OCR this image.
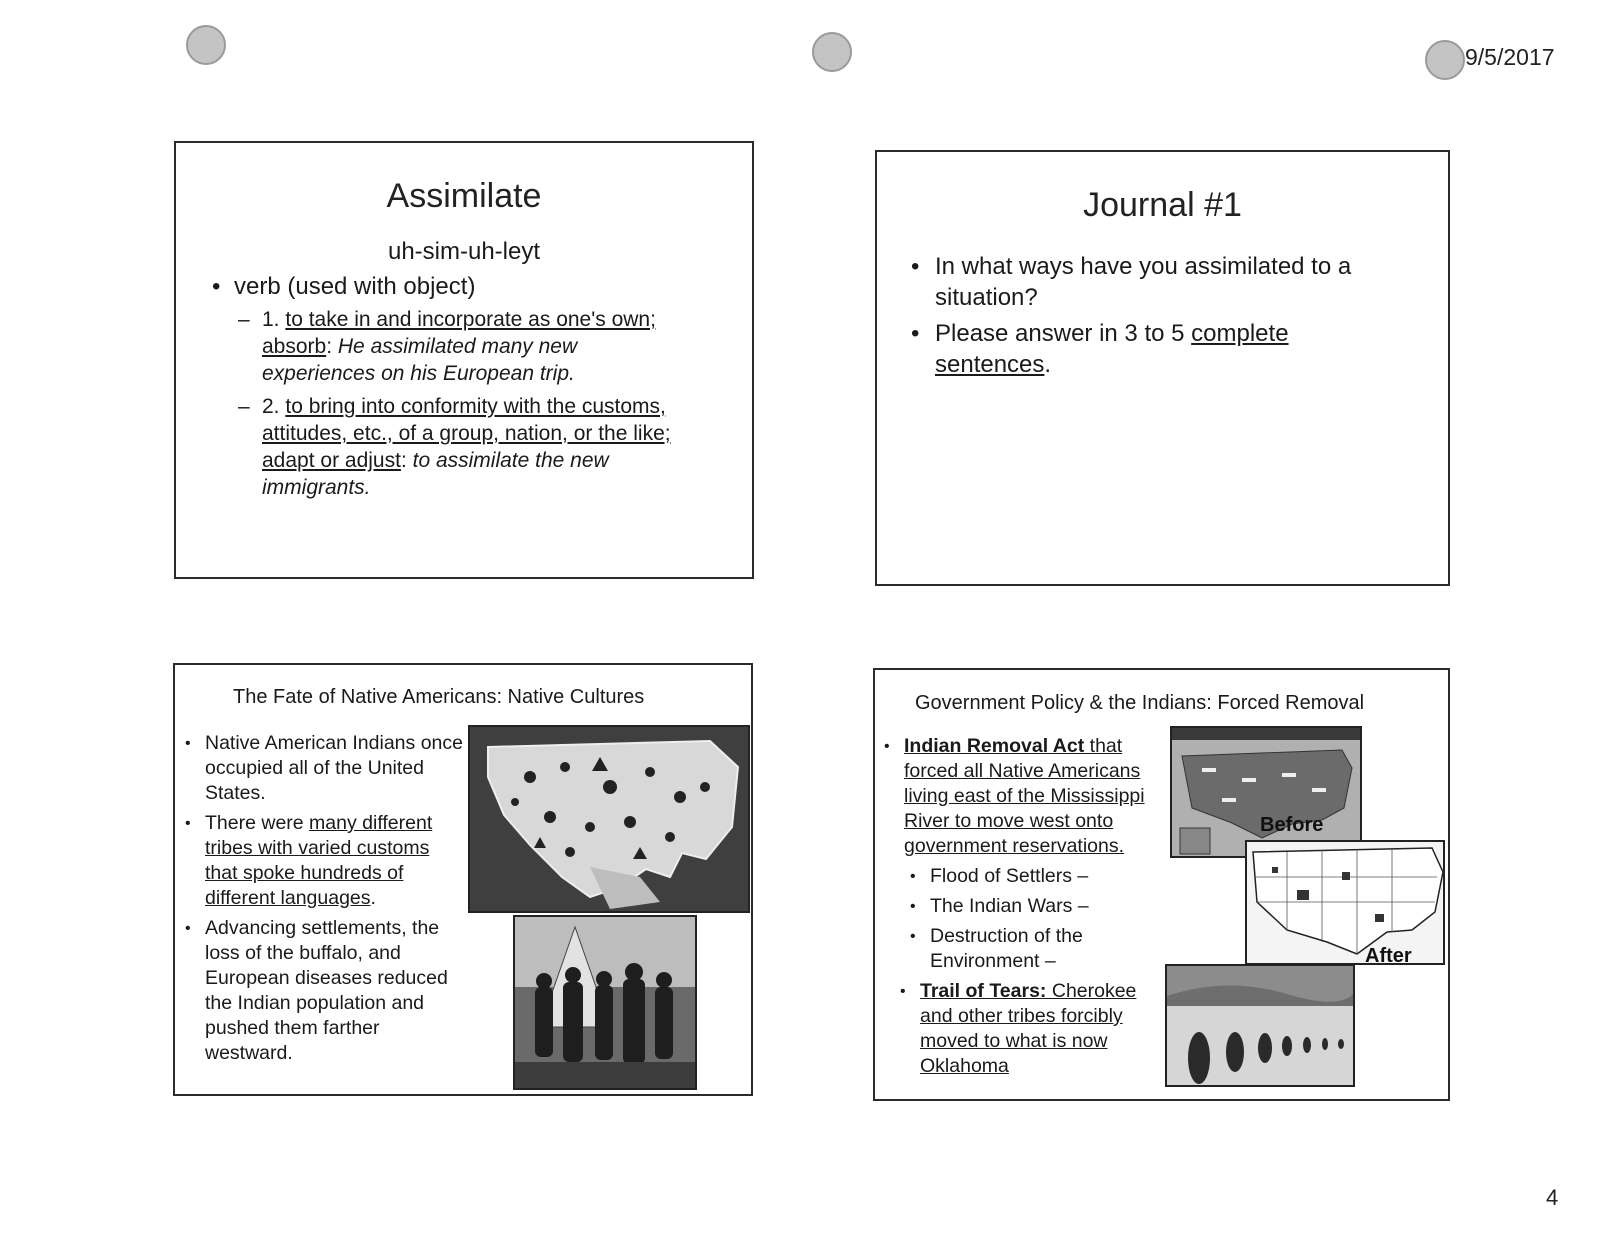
9/5/2017
Assimilate
uh-sim-uh-leyt
• verb (used with object)
– 1. to take in and incorporate as one's own; absorb: He assimilated many new experiences on his European trip.
– 2. to bring into conformity with the customs, attitudes, etc., of a group, nation, or the like; adapt or adjust: to assimilate the new immigrants.
Journal #1
• In what ways have you assimilated to a situation?
• Please answer in 3 to 5 complete sentences.
The Fate of Native Americans: Native Cultures
• Native American Indians once occupied all of the United States.
• There were many different tribes with varied customs that spoke hundreds of different languages.
• Advancing settlements, the loss of the buffalo, and European diseases reduced the Indian population and pushed them farther westward.
Government Policy & the Indians: Forced Removal
• Indian Removal Act that forced all Native Americans living east of the Mississippi River to move west onto government reservations.
• Flood of Settlers –
• The Indian Wars –
• Destruction of the Environment –
• Trail of Tears: Cherokee and other tribes forcibly moved to what is now Oklahoma
Before
After
4
